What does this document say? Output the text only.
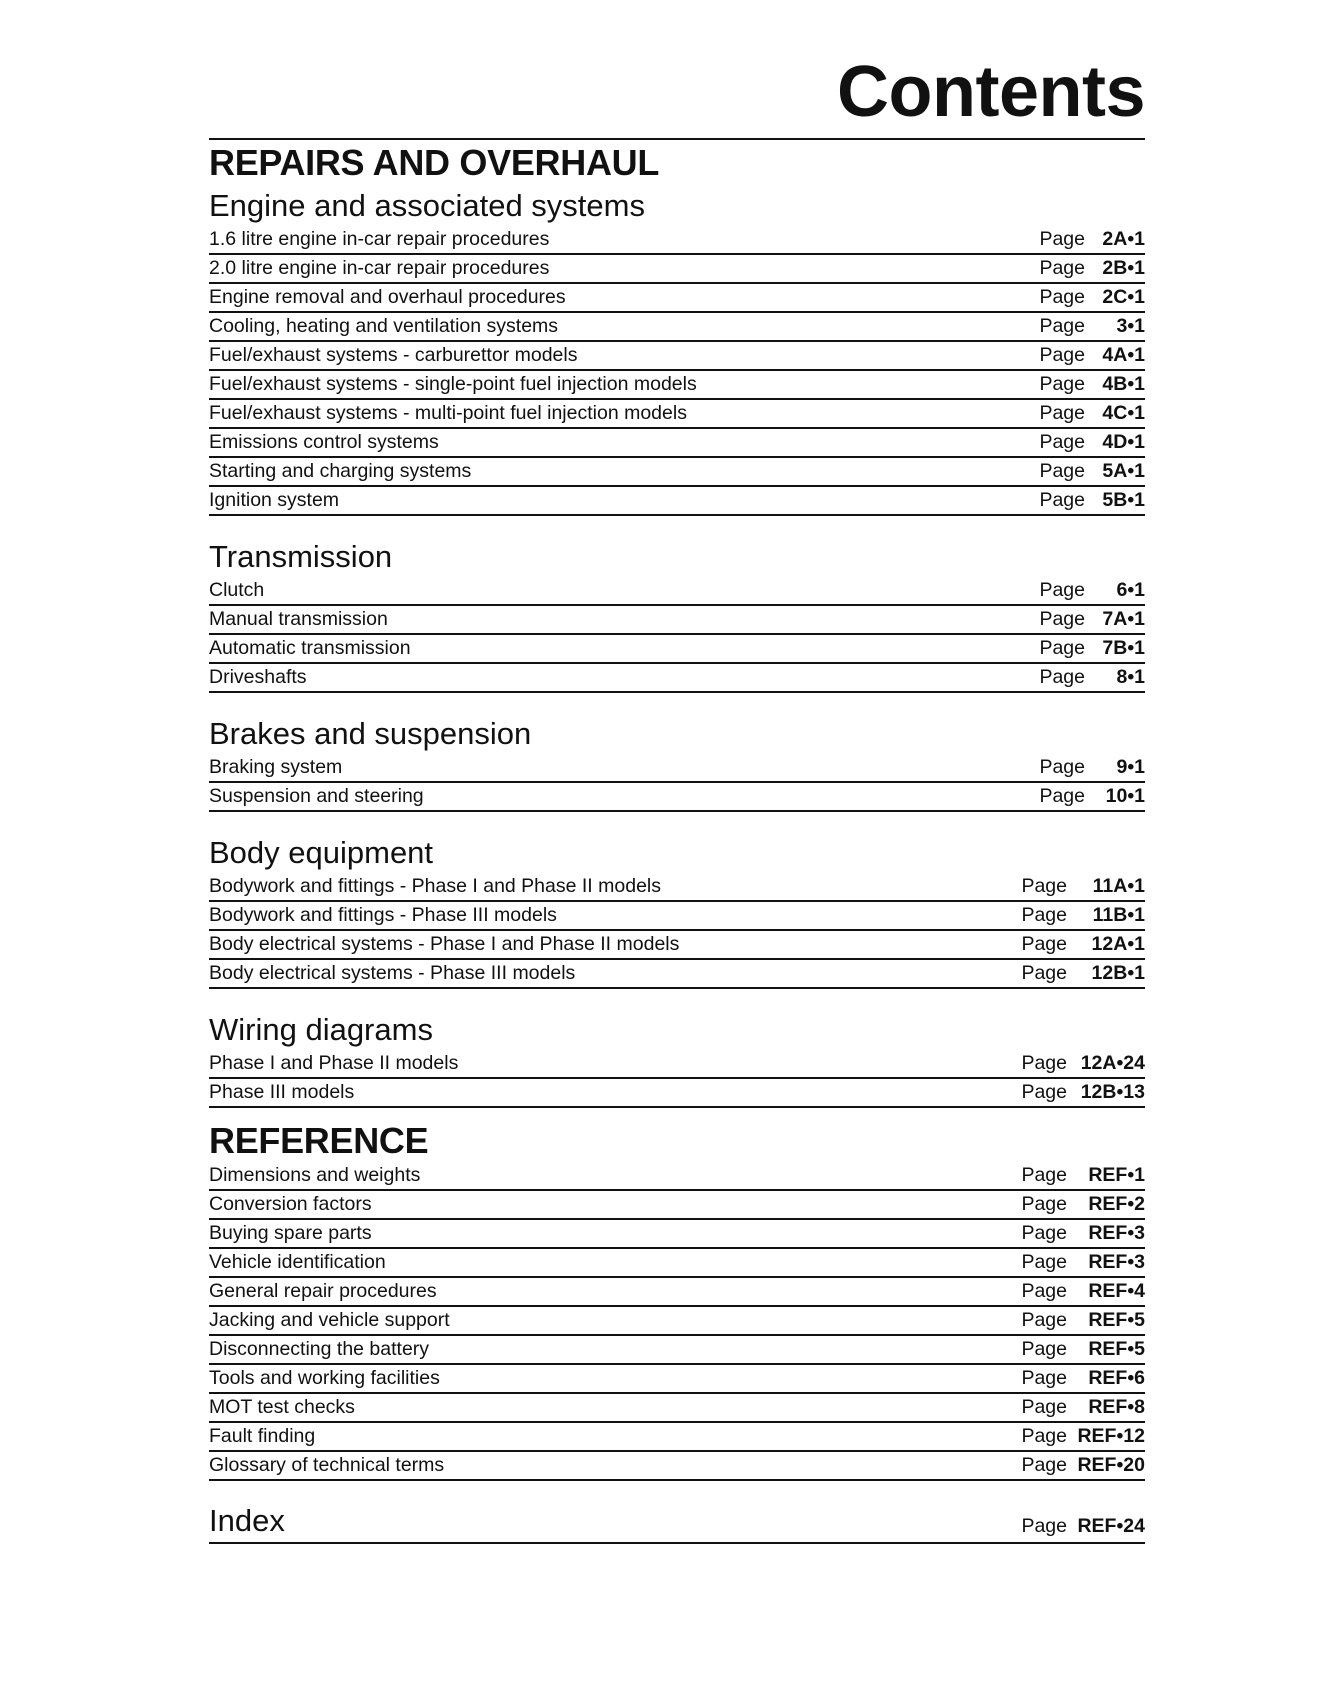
Contents
REPAIRS AND OVERHAUL
Engine and associated systems
1.6 litre engine in-car repair procedures	Page 2A•1
2.0 litre engine in-car repair procedures	Page 2B•1
Engine removal and overhaul procedures	Page 2C•1
Cooling, heating and ventilation systems	Page	3•1
Fuel/exhaust systems - carburettor models	Page 4A•1
Fuel/exhaust systems - single-point fuel injection models	Page 4B•1
Fuel/exhaust systems - multi-point fuel injection models	Page 4C•1
Emissions control systems	Page 4D•1
Starting and charging systems	Page 5A•1
Ignition system	Page 5B•1
Transmission
Clutch	Page	6•1
Manual transmission	Page 7A•1
Automatic transmission	Page 7B•1
Driveshafts	Page	8•1
Brakes and suspension
Braking system	Page	9•1
Suspension and steering	Page	10•1
Body equipment
Bodywork and fittings - Phase I and Phase II models	Page	11A•1
Bodywork and fittings - Phase III models	Page	11B•1
Body electrical systems - Phase I and Phase II models	Page	12A•1
Body electrical systems - Phase III models	Page	12B•1
Wiring diagrams
Phase I and Phase II models	Page 12A•24
Phase III models	Page 12B•13
REFERENCE
Dimensions and weights	Page	REF•1
Conversion factors	Page	REF•2
Buying spare parts	Page	REF•3
Vehicle identification	Page	REF•3
General repair procedures	Page	REF•4
Jacking and vehicle support	Page	REF•5
Disconnecting the battery	Page	REF•5
Tools and working facilities	Page	REF•6
MOT test checks	Page	REF•8
Fault finding	Page REF•12
Glossary of technical terms	Page REF•20
Index	Page REF•24
